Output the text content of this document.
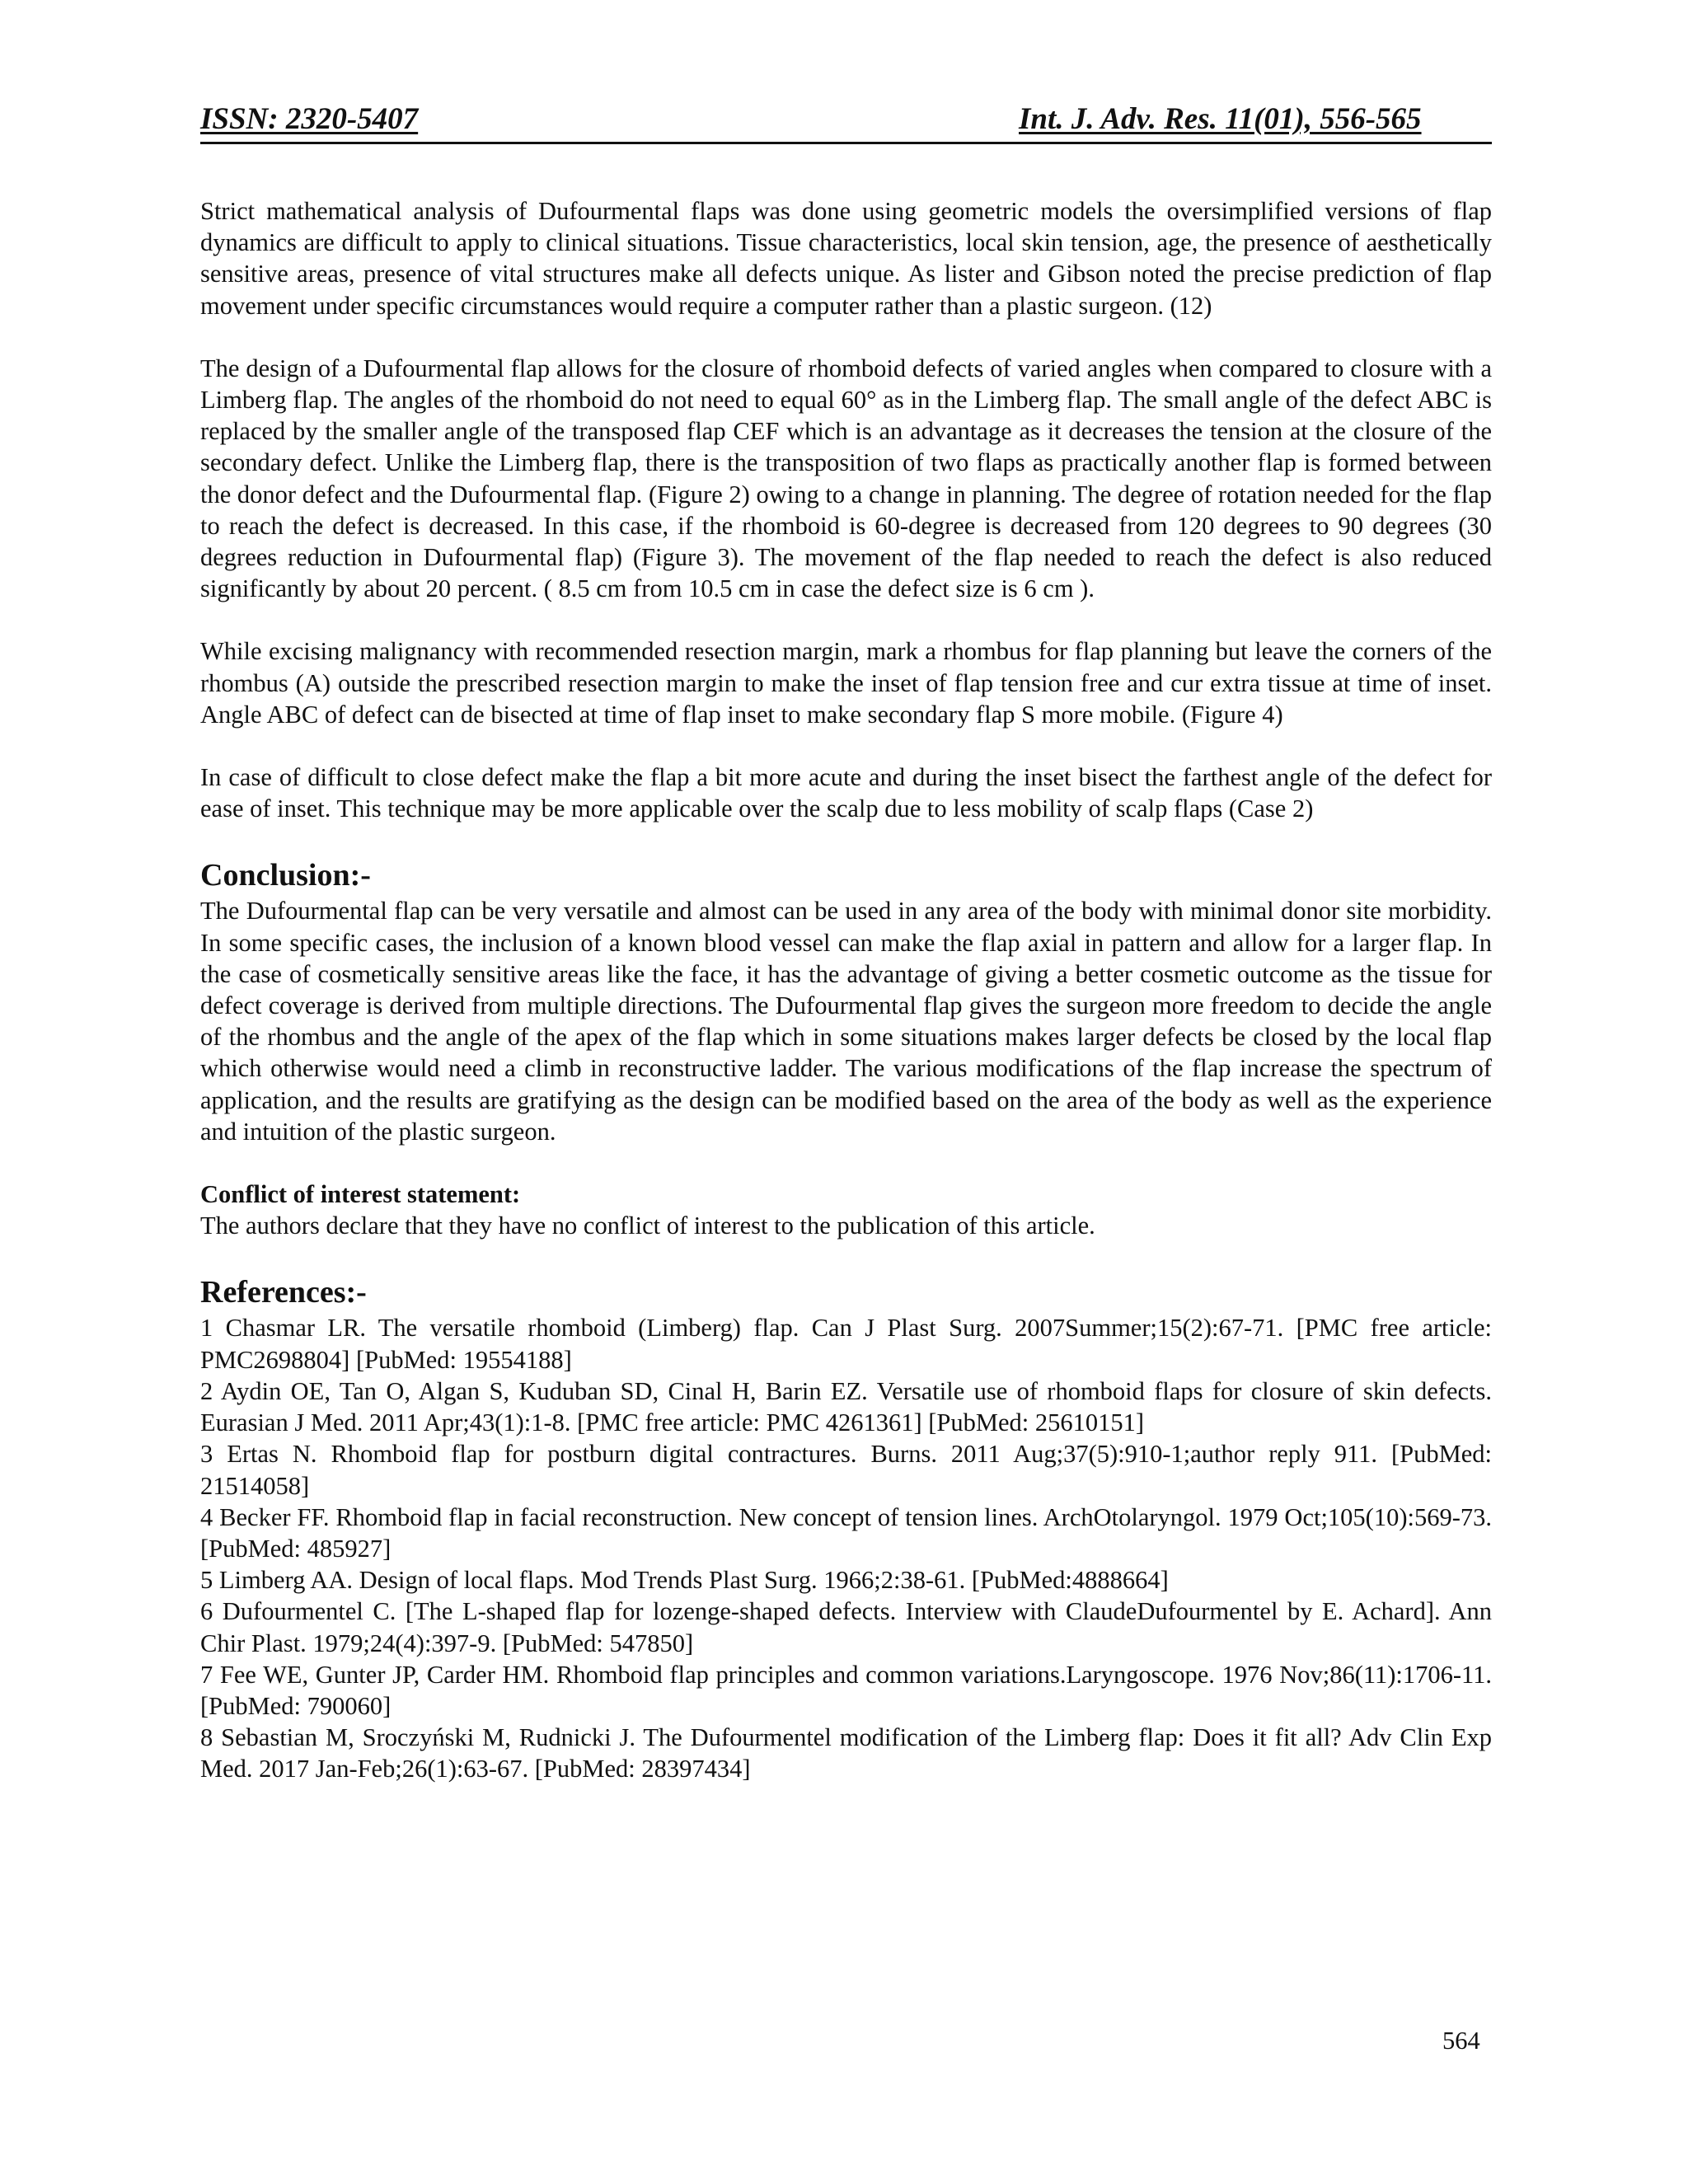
ISSN: 2320-5407	Int. J. Adv. Res. 11(01), 556-565

Strict mathematical analysis of Dufourmental flaps was done using geometric models the oversimplified versions of flap dynamics are difficult to apply to clinical situations. Tissue characteristics, local skin tension, age, the presence of aesthetically sensitive areas, presence of vital structures make all defects unique. As lister and Gibson noted the precise prediction of flap movement under specific circumstances would require a computer rather than a plastic surgeon. (12)

The design of a Dufourmental flap allows for the closure of rhomboid defects of varied angles when compared to closure with a Limberg flap. The angles of the rhomboid do not need to equal 60° as in the Limberg flap. The small angle of the defect ABC is replaced by the smaller angle of the transposed flap CEF which is an advantage as it decreases the tension at the closure of the secondary defect. Unlike the Limberg flap, there is the transposition of two flaps as practically another flap is formed between the donor defect and the Dufourmental flap. (Figure 2) owing to a change in planning. The degree of rotation needed for the flap to reach the defect is decreased. In this case, if the rhomboid is 60-degree is decreased from 120 degrees to 90 degrees (30 degrees reduction in Dufourmental flap) (Figure 3). The movement of the flap needed to reach the defect is also reduced significantly by about 20 percent. ( 8.5 cm from 10.5 cm in case the defect size is 6 cm ).

While excising malignancy with recommended resection margin, mark a rhombus for flap planning but leave the corners of the rhombus (A) outside the prescribed resection margin to make the inset of flap tension free and cur extra tissue at time of inset. Angle ABC of defect can de bisected at time of flap inset to make secondary flap S more mobile. (Figure 4)

In case of difficult to close defect make the flap a bit more acute and during the inset bisect the farthest angle of the defect for ease of inset. This technique may be more applicable over the scalp due to less mobility of scalp flaps (Case 2)

Conclusion:-

The Dufourmental flap can be very versatile and almost can be used in any area of the body with minimal donor site morbidity. In some specific cases, the inclusion of a known blood vessel can make the flap axial in pattern and allow for a larger flap. In the case of cosmetically sensitive areas like the face, it has the advantage of giving a better cosmetic outcome as the tissue for defect coverage is derived from multiple directions. The Dufourmental flap gives the surgeon more freedom to decide the angle of the rhombus and the angle of the apex of the flap which in some situations makes larger defects be closed by the local flap which otherwise would need a climb in reconstructive ladder. The various modifications of the flap increase the spectrum of application, and the results are gratifying as the design can be modified based on the area of the body as well as the experience and intuition of the plastic surgeon.

Conflict of interest statement:

The authors declare that they have no conflict of interest to the publication of this article.

References:-

1 Chasmar LR. The versatile rhomboid (Limberg) flap. Can J Plast Surg. 2007Summer;15(2):67-71. [PMC free article: PMC2698804] [PubMed: 19554188]

2 Aydin OE, Tan O, Algan S, Kuduban SD, Cinal H, Barin EZ. Versatile use of rhomboid flaps for closure of skin defects. Eurasian J Med. 2011 Apr;43(1):1-8. [PMC free article: PMC 4261361] [PubMed: 25610151]

3 Ertas N. Rhomboid flap for postburn digital contractures. Burns. 2011 Aug;37(5):910-1;author reply 911. [PubMed: 21514058]

4 Becker FF. Rhomboid flap in facial reconstruction. New concept of tension lines. ArchOtolaryngol. 1979 Oct;105(10):569-73. [PubMed: 485927]

5 Limberg AA. Design of local flaps. Mod Trends Plast Surg. 1966;2:38-61. [PubMed:4888664]

6 Dufourmentel C. [The L-shaped flap for lozenge-shaped defects. Interview with ClaudeDufourmentel by E. Achard]. Ann Chir Plast. 1979;24(4):397-9. [PubMed: 547850]

7 Fee WE, Gunter JP, Carder HM. Rhomboid flap principles and common variations.Laryngoscope. 1976 Nov;86(11):1706-11. [PubMed: 790060]

8 Sebastian M, Sroczyński M, Rudnicki J. The Dufourmentel modification of the Limberg flap: Does it fit all? Adv Clin Exp Med. 2017 Jan-Feb;26(1):63-67. [PubMed: 28397434]

564
